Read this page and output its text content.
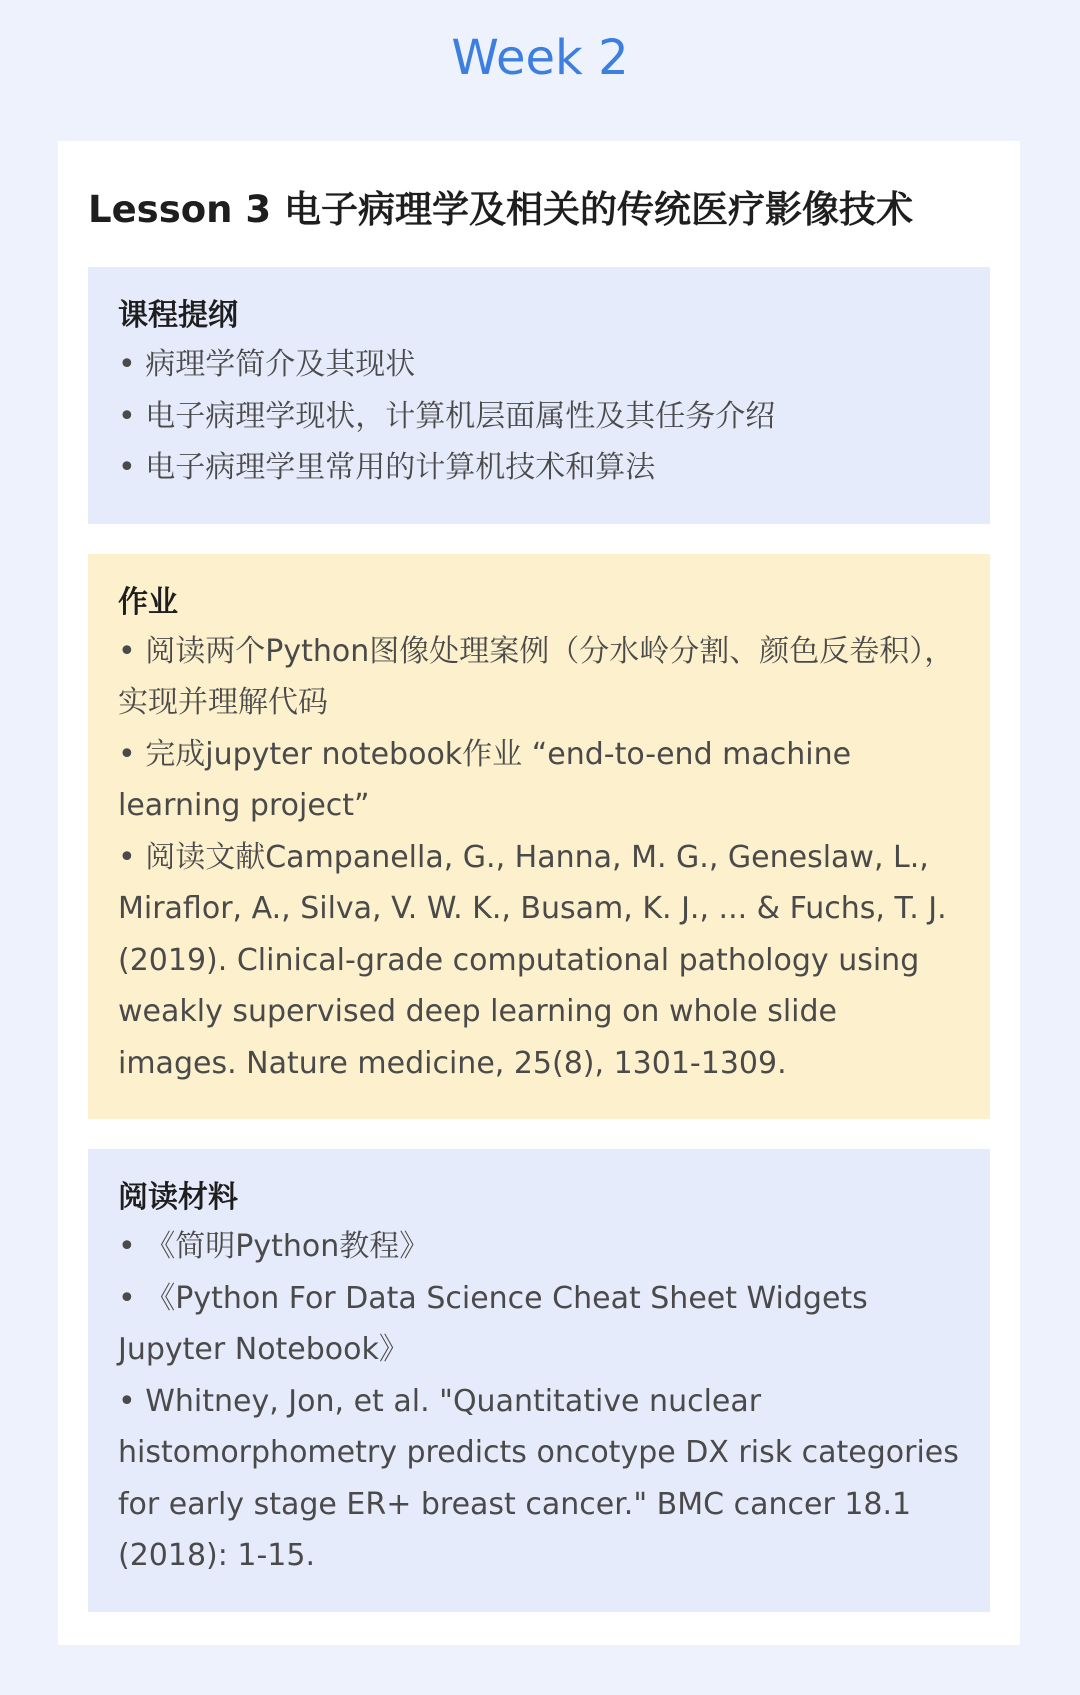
Week 2
Lesson 3 电子病理学及相关的传统医疗影像技术
课程提纲
• 病理学简介及其现状
• 电子病理学现状，计算机层面属性及其任务介绍
• 电子病理学里常用的计算机技术和算法
作业
• 阅读两个Python图像处理案例（分水岭分割、颜色反卷积），实现并理解代码
• 完成jupyter notebook作业 “end-to-end machine learning project”
• 阅读文献Campanella, G., Hanna, M. G., Geneslaw, L., Miraflor, A., Silva, V. W. K., Busam, K. J., ... & Fuchs, T. J. (2019). Clinical-grade computational pathology using weakly supervised deep learning on whole slide images. Nature medicine, 25(8), 1301-1309.
阅读材料
• 《简明Python教程》
• 《Python For Data Science Cheat Sheet Widgets Jupyter Notebook》
• Whitney, Jon, et al. "Quantitative nuclear histomorphometry predicts oncotype DX risk categories for early stage ER+ breast cancer." BMC cancer 18.1 (2018): 1-15.
